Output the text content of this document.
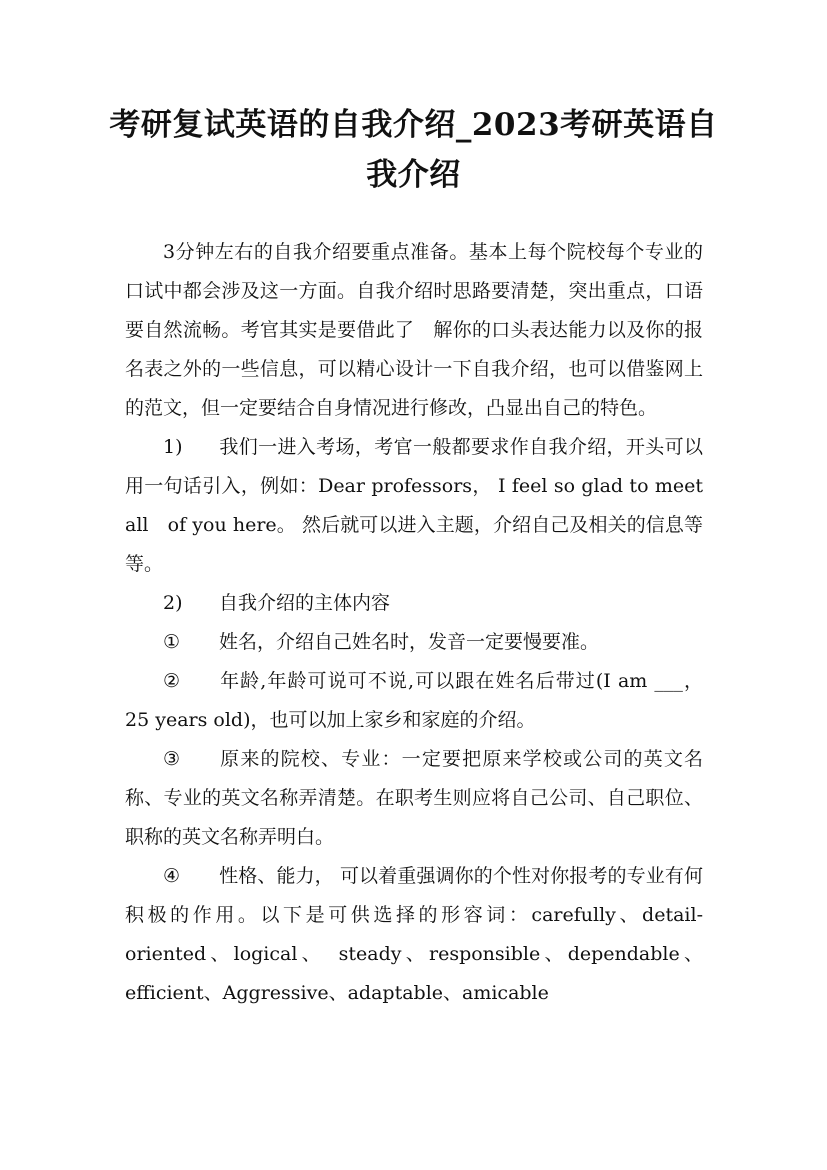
考研复试英语的自我介绍_2023考研英语自我介绍

3分钟左右的自我介绍要重点准备。基本上每个院校每个专业的口试中都会涉及这一方面。自我介绍时思路要清楚，突出重点，口语要自然流畅。考官其实是要借此了　解你的口头表达能力以及你的报名表之外的一些信息，可以精心设计一下自我介绍，也可以借鉴网上的范文，但一定要结合自身情况进行修改，凸显出自己的特色。

1) 我们一进入考场，考官一般都要求作自我介绍，开头可以用一句话引入，例如：Dear professors， I feel so glad to meet all　of you here。 然后就可以进入主题，介绍自己及相关的信息等等。

2) 自我介绍的主体内容

① 姓名，介绍自己姓名时，发音一定要慢要准。

② 年龄,年龄可说可不说,可以跟在姓名后带过(I am ___， 25 years old)，也可以加上家乡和家庭的介绍。

③ 原来的院校、专业：一定要把原来学校或公司的英文名称、专业的英文名称弄清楚。在职考生则应将自己公司、自己职位、职称的英文名称弄明白。

④ 性格、能力， 可以着重强调你的个性对你报考的专业有何积极的作用。以下是可供选择的形容词：carefully、detail-oriented、logical、　steady、responsible、dependable、efficient、Aggressive、adaptable、amicable
